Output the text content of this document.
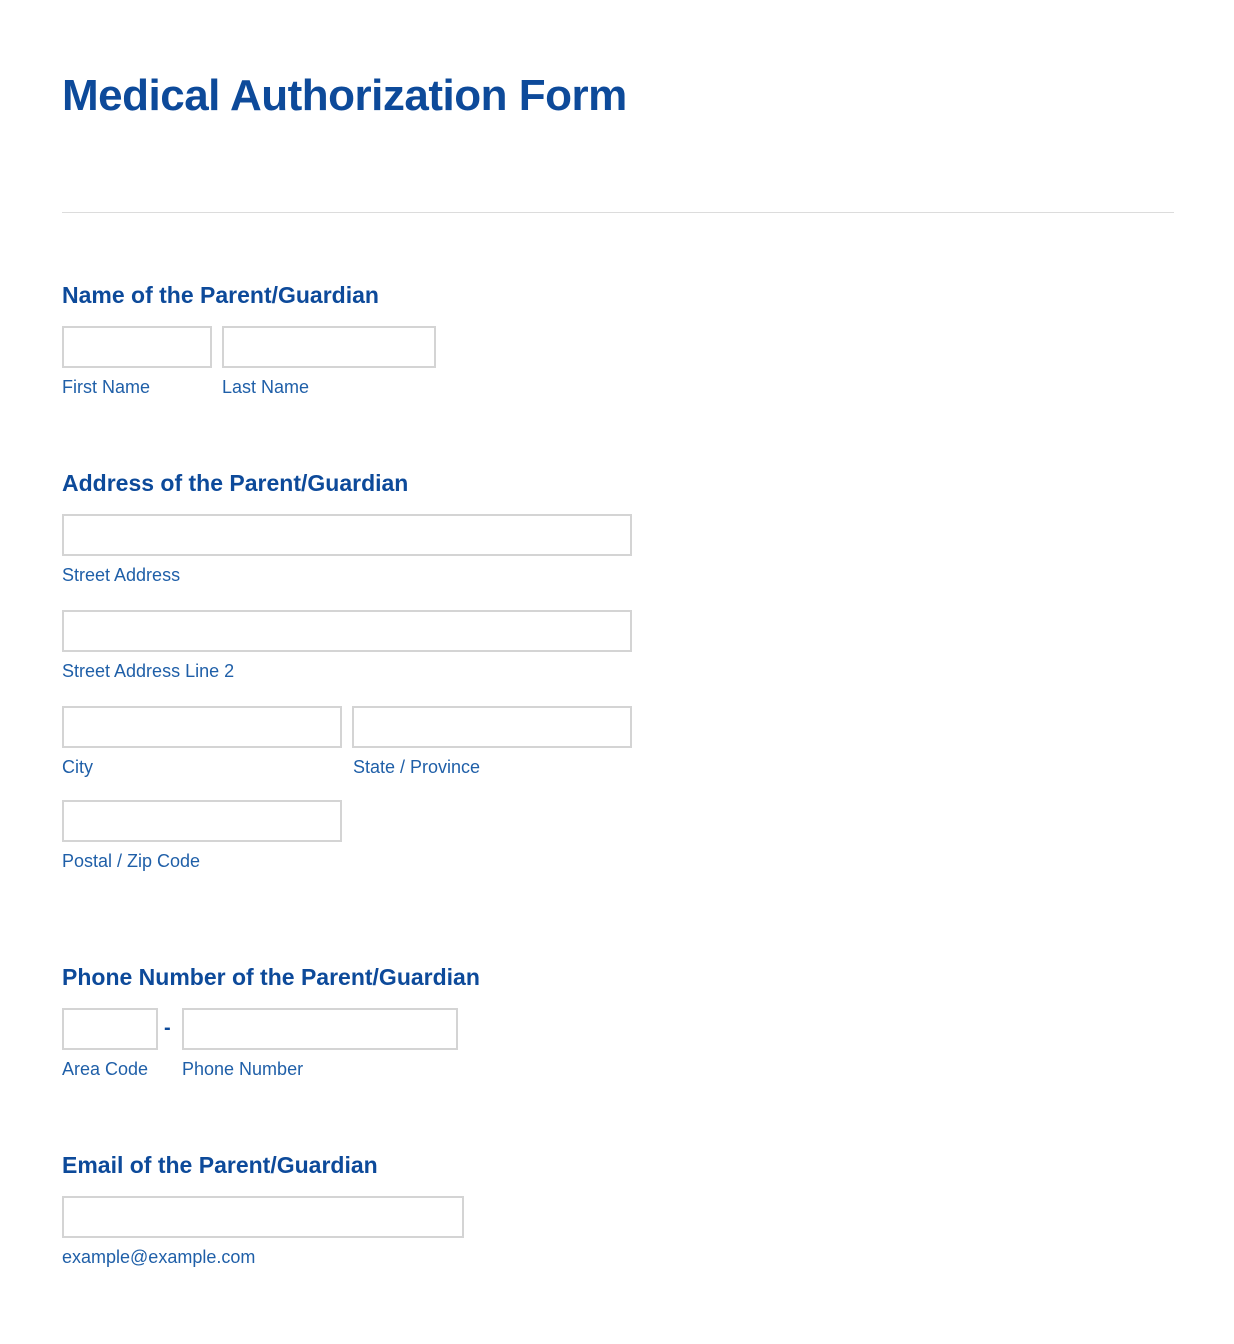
Medical Authorization Form
Name of the Parent/Guardian
First Name	Last Name
Address of the Parent/Guardian
Street Address
Street Address Line 2
City	State / Province
Postal / Zip Code
Phone Number of the Parent/Guardian
Area Code
-
Phone Number
Email of the Parent/Guardian
example@example.com
